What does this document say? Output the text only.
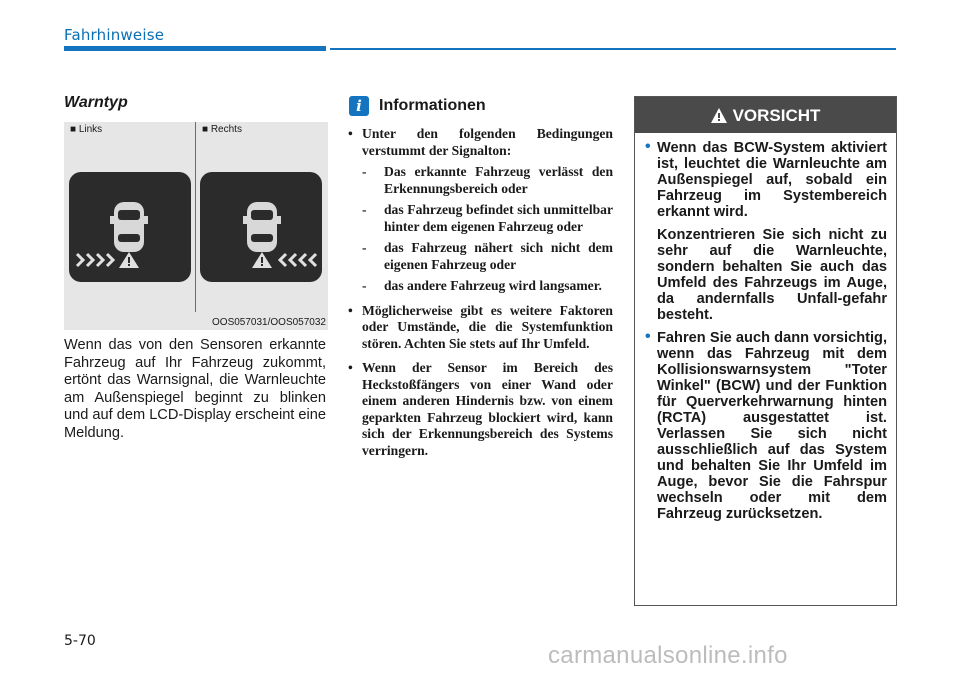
Fahrhinweise
Warntyp
■ Links	■ Rechts
OOS057031/OOS057032
Wenn das von den Sensoren erkannte Fahrzeug auf Ihr Fahrzeug zukommt, ertönt das Warnsignal, die Warnleuchte am Außenspiegel beginnt zu blinken und auf dem LCD-Display erscheint eine Meldung.
i	Informationen
• Unter den folgenden Bedingungen verstummt der Signalton:
- Das erkannte Fahrzeug verlässt den Erkennungsbereich oder
- das Fahrzeug befindet sich unmittelbar hinter dem eigenen Fahrzeug oder
- das Fahrzeug nähert sich nicht dem eigenen Fahrzeug oder
- das andere Fahrzeug wird langsamer.
• Möglicherweise gibt es weitere Faktoren oder Umstände, die die Systemfunktion stören. Achten Sie stets auf Ihr Umfeld.
• Wenn der Sensor im Bereich des Heckstoßfängers von einer Wand oder einem anderen Hindernis bzw. von einem geparkten Fahrzeug blockiert wird, kann sich der Erkennungsbereich des Systems verringern.
VORSICHT
• Wenn das BCW-System aktiviert ist, leuchtet die Warnleuchte am Außenspiegel auf, sobald ein Fahrzeug im Systembereich erkannt wird.

Konzentrieren Sie sich nicht zu sehr auf die Warnleuchte, sondern behalten Sie auch das Umfeld des Fahrzeugs im Auge, da andernfalls Unfall-gefahr besteht.

• Fahren Sie auch dann vorsichtig, wenn das Fahrzeug mit dem Kollisionswarnsystem "Toter Winkel" (BCW) und der Funktion für Querverkehrwarnung hinten (RCTA) ausgestattet ist. Verlassen Sie sich nicht ausschließlich auf das System und behalten Sie Ihr Umfeld im Auge, bevor Sie die Fahrspur wechseln oder mit dem Fahrzeug zurücksetzen.

5-70
carmanualsonline.info
